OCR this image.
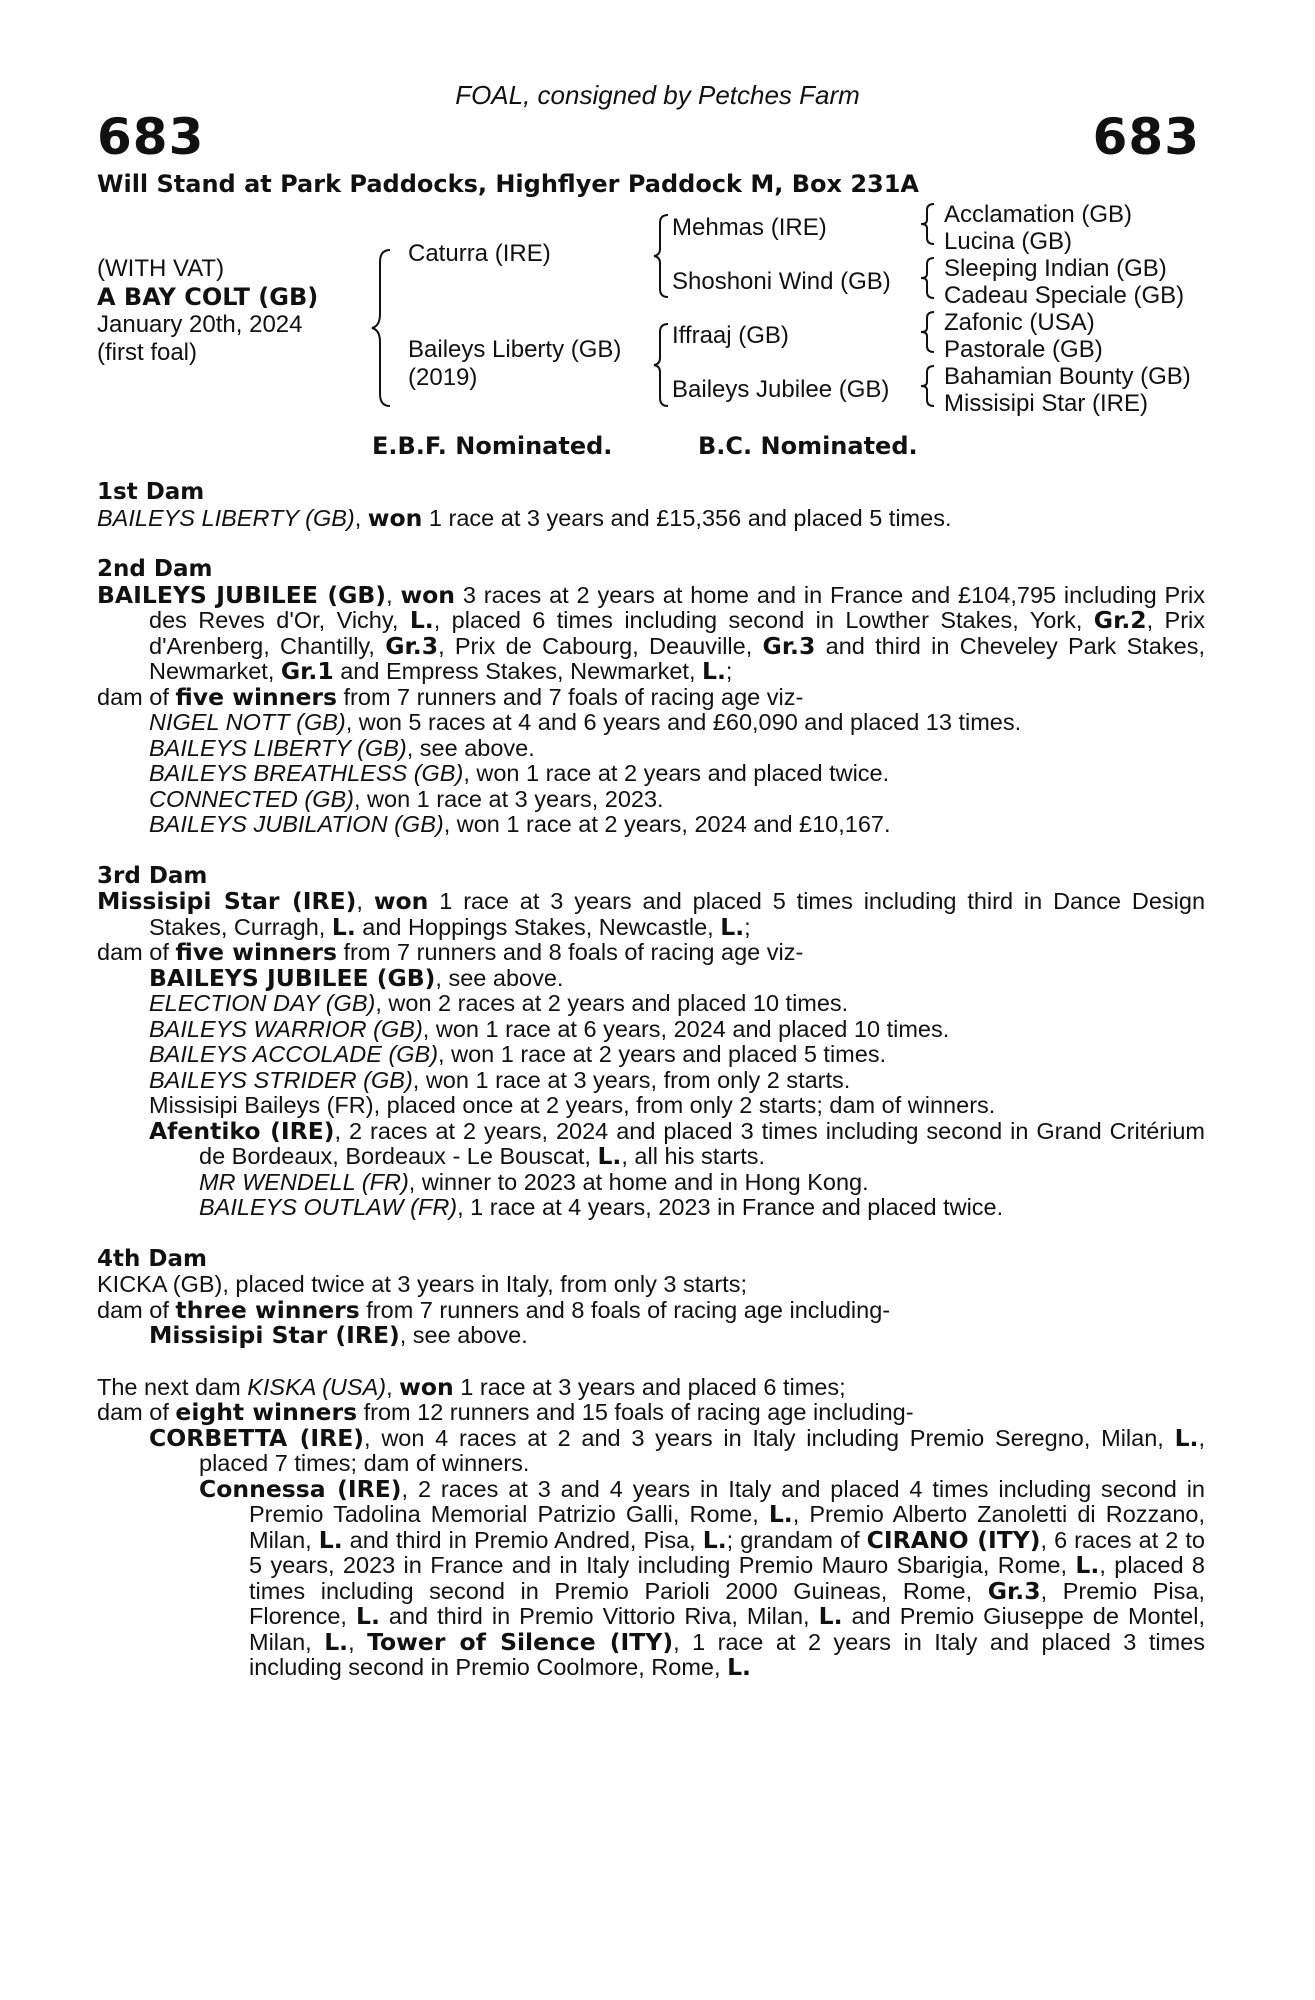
FOAL, consigned by Petches Farm
683	683
Will Stand at Park Paddocks, Highflyer Paddock M, Box 231A
(WITH VAT)
A BAY COLT (GB)
January 20th, 2024
(first foal)
Caturra (IRE)
Baileys Liberty (GB)
(2019)
Mehmas (IRE)
Shoshoni Wind (GB)
Iffraaj (GB)
Baileys Jubilee (GB)
Acclamation (GB)
Lucina (GB)
Sleeping Indian (GB)
Cadeau Speciale (GB)
Zafonic (USA)
Pastorale (GB)
Bahamian Bounty (GB)
Missisipi Star (IRE)
E.B.F. Nominated.	B.C. Nominated.

1st Dam

BAILEYS LIBERTY (GB), won 1 race at 3 years and £15,356 and placed 5 times.

2nd Dam

BAILEYS JUBILEE (GB), won 3 races at 2 years at home and in France and £104,795 including Prix des Reves d'Or, Vichy, L., placed 6 times including second in Lowther Stakes, York, Gr.2, Prix d'Arenberg, Chantilly, Gr.3, Prix de Cabourg, Deauville, Gr.3 and third in Cheveley Park Stakes, Newmarket, Gr.1 and Empress Stakes, Newmarket, L.;

dam of five winners from 7 runners and 7 foals of racing age viz-

NIGEL NOTT (GB), won 5 races at 4 and 6 years and £60,090 and placed 13 times.

BAILEYS LIBERTY (GB), see above.

BAILEYS BREATHLESS (GB), won 1 race at 2 years and placed twice.

CONNECTED (GB), won 1 race at 3 years, 2023.

BAILEYS JUBILATION (GB), won 1 race at 2 years, 2024 and £10,167.

3rd Dam

Missisipi Star (IRE), won 1 race at 3 years and placed 5 times including third in Dance Design Stakes, Curragh, L. and Hoppings Stakes, Newcastle, L.;

dam of five winners from 7 runners and 8 foals of racing age viz-

BAILEYS JUBILEE (GB), see above.

ELECTION DAY (GB), won 2 races at 2 years and placed 10 times.

BAILEYS WARRIOR (GB), won 1 race at 6 years, 2024 and placed 10 times.

BAILEYS ACCOLADE (GB), won 1 race at 2 years and placed 5 times.

BAILEYS STRIDER (GB), won 1 race at 3 years, from only 2 starts.

Missisipi Baileys (FR), placed once at 2 years, from only 2 starts; dam of winners.

Afentiko (IRE), 2 races at 2 years, 2024 and placed 3 times including second in Grand Critérium de Bordeaux, Bordeaux - Le Bouscat, L., all his starts.

MR WENDELL (FR), winner to 2023 at home and in Hong Kong.

BAILEYS OUTLAW (FR), 1 race at 4 years, 2023 in France and placed twice.

4th Dam

KICKA (GB), placed twice at 3 years in Italy, from only 3 starts;

dam of three winners from 7 runners and 8 foals of racing age including-

Missisipi Star (IRE), see above.

The next dam KISKA (USA), won 1 race at 3 years and placed 6 times;

dam of eight winners from 12 runners and 15 foals of racing age including-

CORBETTA (IRE), won 4 races at 2 and 3 years in Italy including Premio Seregno, Milan, L., placed 7 times; dam of winners.

Connessa (IRE), 2 races at 3 and 4 years in Italy and placed 4 times including second in Premio Tadolina Memorial Patrizio Galli, Rome, L., Premio Alberto Zanoletti di Rozzano, Milan, L. and third in Premio Andred, Pisa, L.; grandam of CIRANO (ITY), 6 races at 2 to 5 years, 2023 in France and in Italy including Premio Mauro Sbarigia, Rome, L., placed 8 times including second in Premio Parioli 2000 Guineas, Rome, Gr.3, Premio Pisa, Florence, L. and third in Premio Vittorio Riva, Milan, L. and Premio Giuseppe de Montel, Milan, L., Tower of Silence (ITY), 1 race at 2 years in Italy and placed 3 times including second in Premio Coolmore, Rome, L.
